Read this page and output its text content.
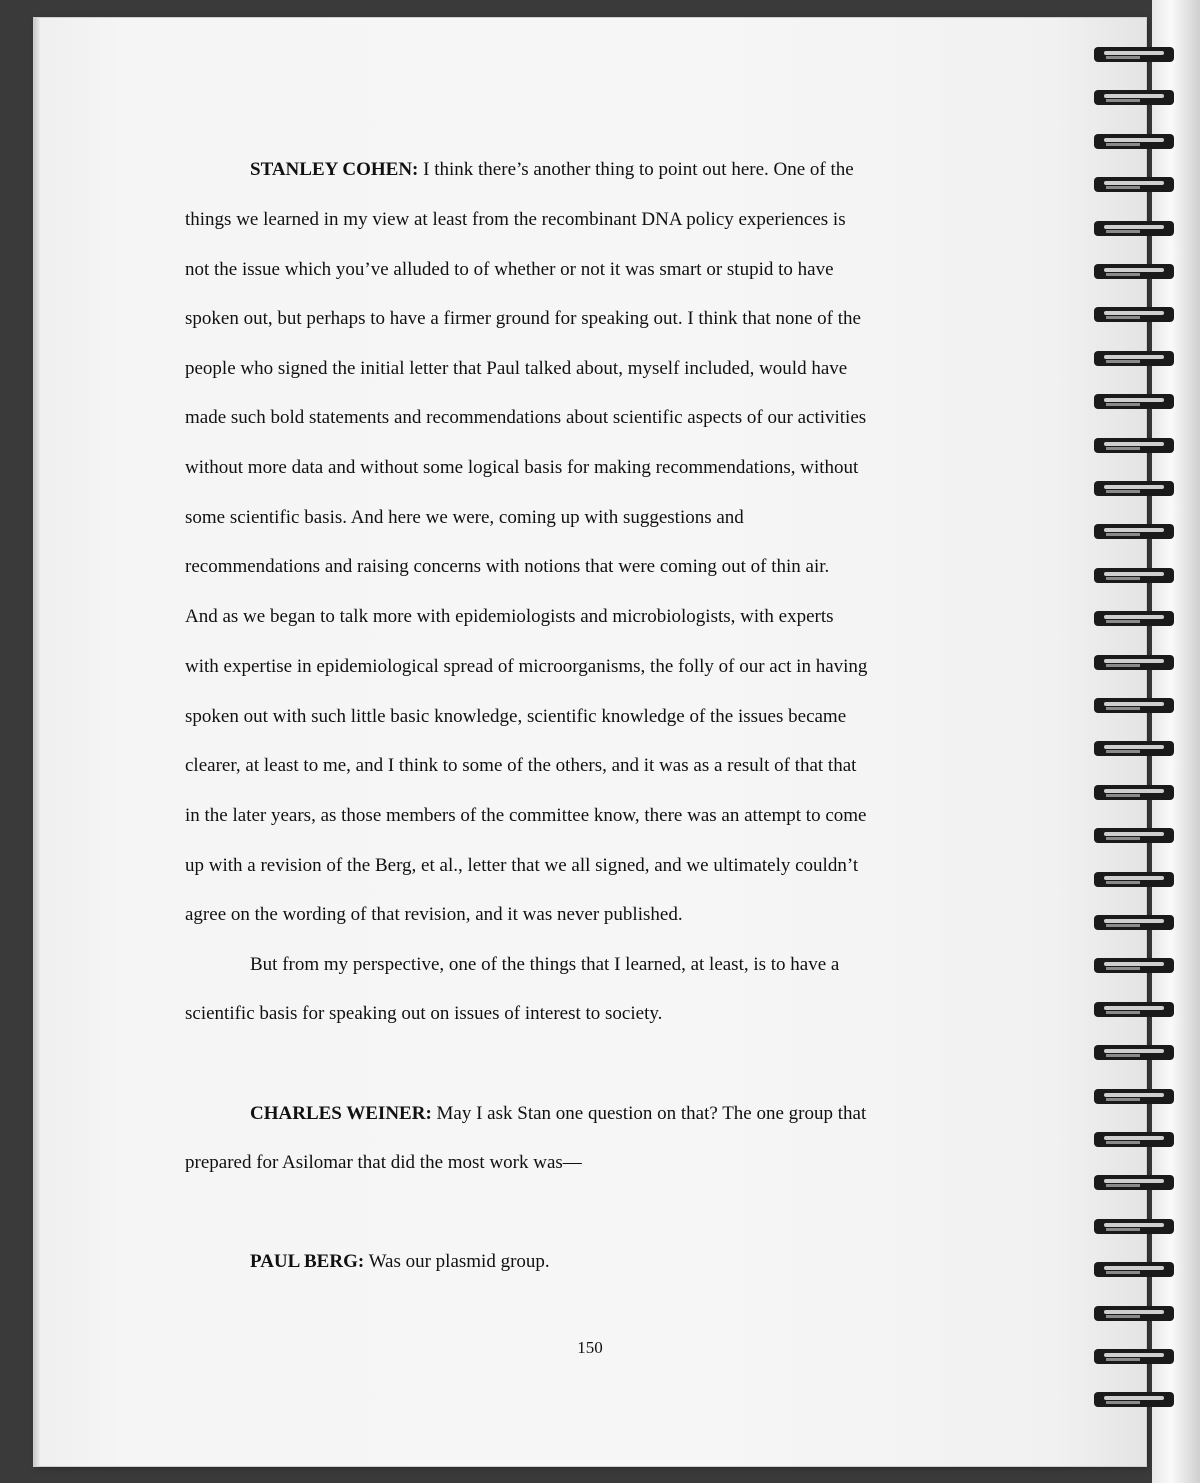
STANLEY COHEN: I think there’s another thing to point out here. One of the
things we learned in my view at least from the recombinant DNA policy experiences is
not the issue which you’ve alluded to of whether or not it was smart or stupid to have
spoken out, but perhaps to have a firmer ground for speaking out. I think that none of the
people who signed the initial letter that Paul talked about, myself included, would have
made such bold statements and recommendations about scientific aspects of our activities
without more data and without some logical basis for making recommendations, without
some scientific basis. And here we were, coming up with suggestions and
recommendations and raising concerns with notions that were coming out of thin air.
And as we began to talk more with epidemiologists and microbiologists, with experts
with expertise in epidemiological spread of microorganisms, the folly of our act in having
spoken out with such little basic knowledge, scientific knowledge of the issues became
clearer, at least to me, and I think to some of the others, and it was as a result of that that
in the later years, as those members of the committee know, there was an attempt to come
up with a revision of the Berg, et al., letter that we all signed, and we ultimately couldn’t
agree on the wording of that revision, and it was never published.
But from my perspective, one of the things that I learned, at least, is to have a
scientific basis for speaking out on issues of interest to society.
CHARLES WEINER: May I ask Stan one question on that? The one group that
prepared for Asilomar that did the most work was—
PAUL BERG: Was our plasmid group.
150
